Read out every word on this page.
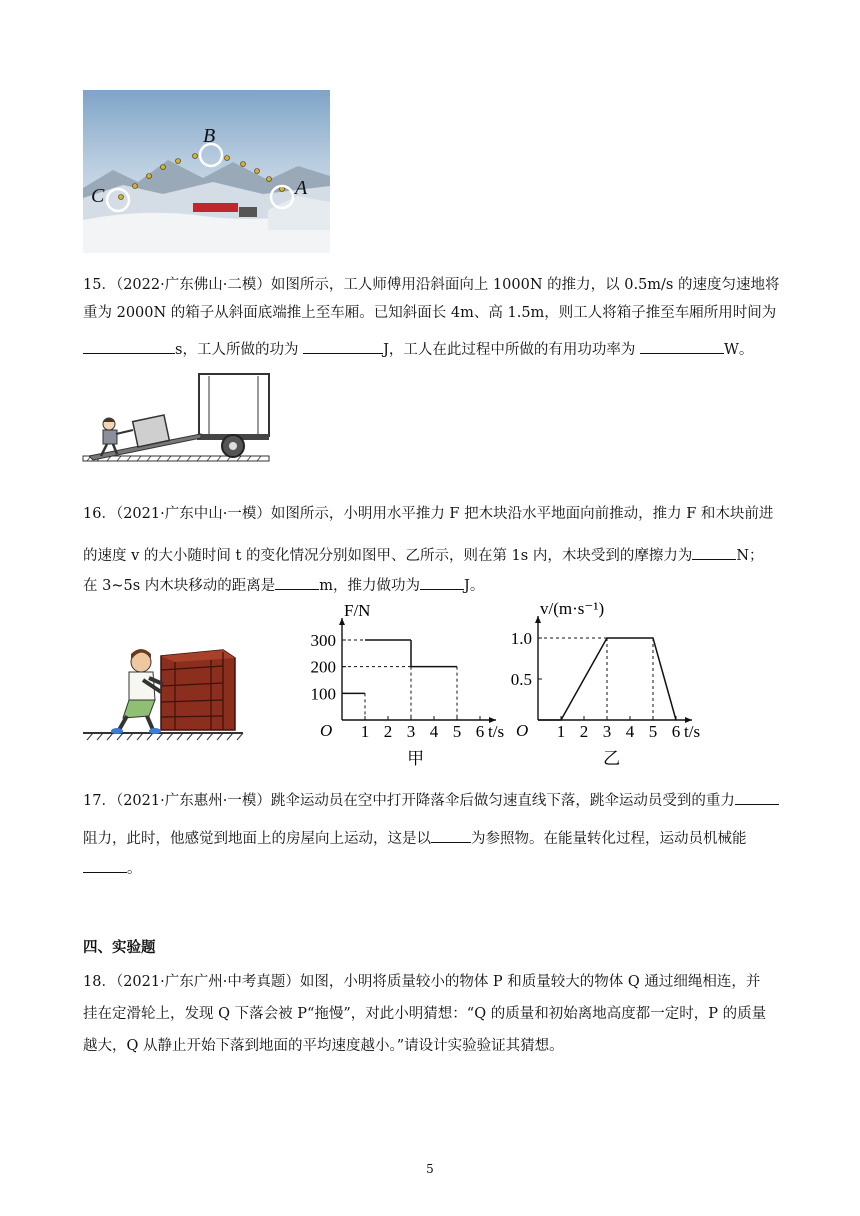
B
C	A
15．（2022·广东佛山·二模）如图所示，工人师傅用沿斜面向上 1000N 的推力，以 0.5m/s 的速度匀速地将
重为 2000N 的箱子从斜面底端推上至车厢。已知斜面长 4m、高 1.5m，则工人将箱子推至车厢所用时间为
s，工人所做的功为	J，工人在此过程中所做的有用功功率为	W。
16．（2021·广东中山·一模）如图所示，小明用水平推力 F 把木块沿水平地面向前推动，推力 F 和木块前进
的速度 v 的大小随时间 t 的变化情况分别如图甲、乙所示，则在第 1s 内，木块受到的摩擦力为	N；
在 3~5s 内木块移动的距离是	m，推力做功为	J。
O	t/s
F/N
甲
1 2 3 4 5 6
100
200
300
O	t/s
v/(m·s⁻¹)
乙
1 2 3 4 5 6
0.5
1.0
17．（2021·广东惠州·一模）跳伞运动员在空中打开降落伞后做匀速直线下落，跳伞运动员受到的重力
阻力，此时，他感觉到地面上的房屋向上运动，这是以	为参照物。在能量转化过程，运动员机械能
。
四、实验题
18．（2021·广东广州·中考真题）如图，小明将质量较小的物体 P 和质量较大的物体 Q 通过细绳相连，并
挂在定滑轮上，发现 Q 下落会被 P“拖慢”，对此小明猜想：“Q 的质量和初始离地高度都一定时，P 的质量
越大，Q 从静止开始下落到地面的平均速度越小。”请设计实验验证其猜想。
5
